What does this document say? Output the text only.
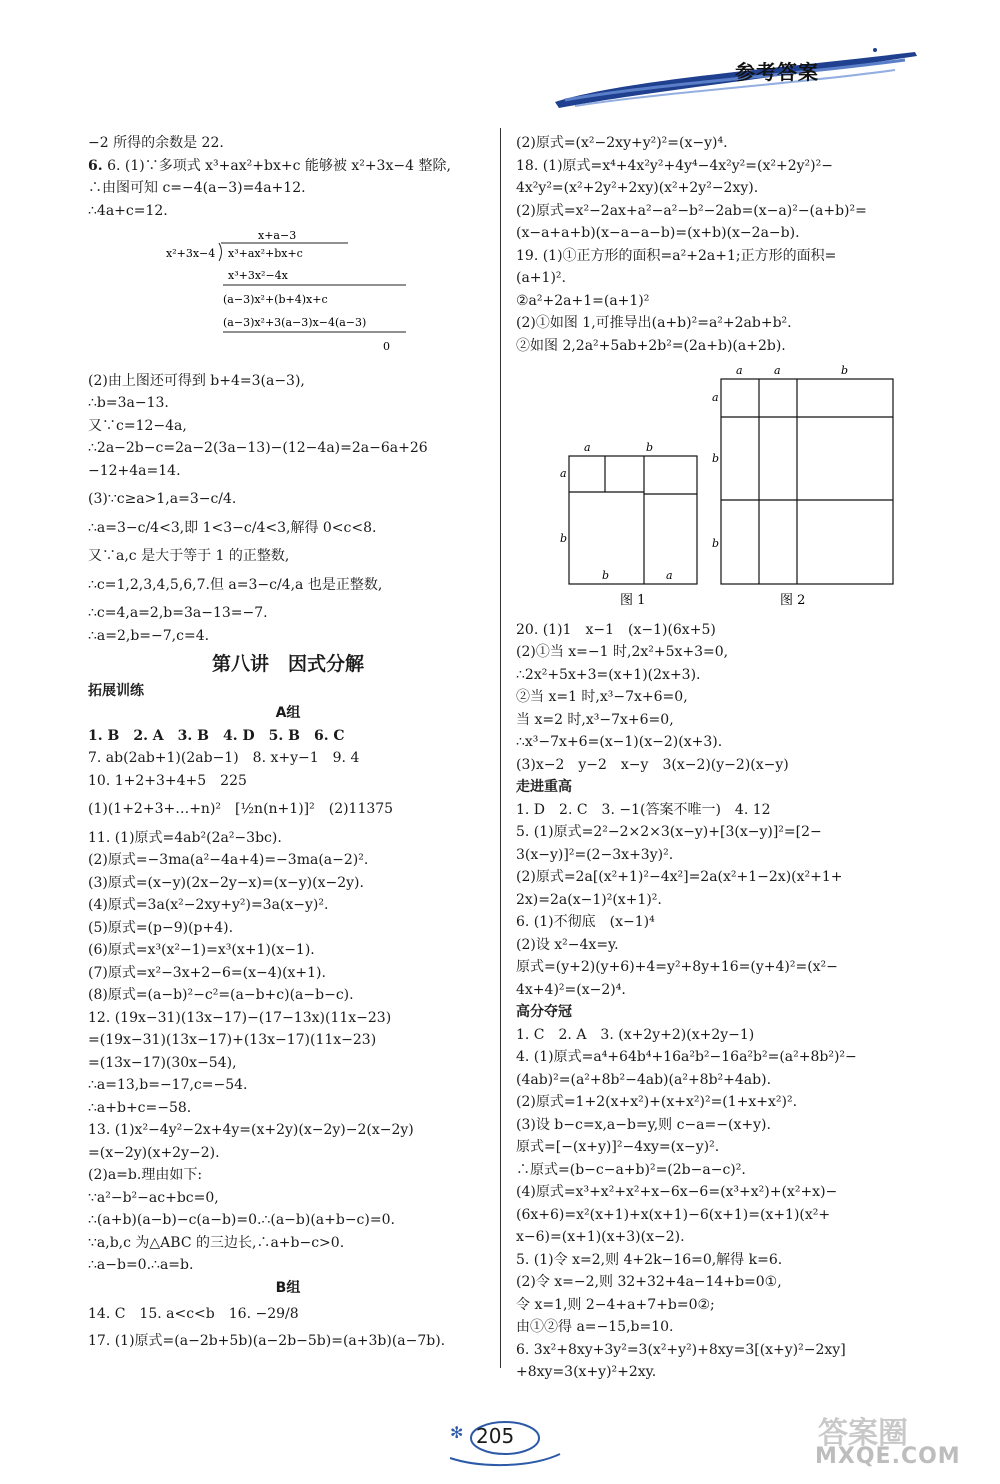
参考答案

−2 所得的余数是 22.

6. 6. (1)∵多项式 x³+ax²+bx+c 能够被 x²+3x−4 整除,

∴由图可知 c=−4(a−3)=4a+12.

∴4a+c=12.

x+a−3
x²+3x−4 x³+ax²+bx+c
x³+3x²−4x
(a−3)x²+(b+4)x+c
(a−3)x²+3(a−3)x−4(a−3)
0

(2)由上图还可得到 b+4=3(a−3),

∴b=3a−13.

又∵c=12−4a,

∴2a−2b−c=2a−2(3a−13)−(12−4a)=2a−6a+26

−12+4a=14.

(3)∵c≥a>1,a=3−c/4.

∴a=3−c/4<3,即 1<3−c/4<3,解得 0<c<8.

又∵a,c 是大于等于 1 的正整数,

∴c=1,2,3,4,5,6,7.但 a=3−c/4,a 也是正整数,

∴c=4,a=2,b=3a−13=−7.

∴a=2,b=−7,c=4.

第八讲　因式分解
拓展训练
A组

1. B　2. A　3. B　4. D　5. B　6. C

7. ab(2ab+1)(2ab−1)　8. x+y−1　9. 4

10. 1+2+3+4+5　225

(1)(1+2+3+…+n)²　[½n(n+1)]²　(2)11375

11. (1)原式=4ab²(2a²−3bc).

(2)原式=−3ma(a²−4a+4)=−3ma(a−2)².

(3)原式=(x−y)(2x−2y−x)=(x−y)(x−2y).

(4)原式=3a(x²−2xy+y²)=3a(x−y)².

(5)原式=(p−9)(p+4).

(6)原式=x³(x²−1)=x³(x+1)(x−1).

(7)原式=x²−3x+2−6=(x−4)(x+1).

(8)原式=(a−b)²−c²=(a−b+c)(a−b−c).

12. (19x−31)(13x−17)−(17−13x)(11x−23)

=(19x−31)(13x−17)+(13x−17)(11x−23)

=(13x−17)(30x−54),

∴a=13,b=−17,c=−54.

∴a+b+c=−58.

13. (1)x²−4y²−2x+4y=(x+2y)(x−2y)−2(x−2y)

=(x−2y)(x+2y−2).

(2)a=b.理由如下:

∵a²−b²−ac+bc=0,

∴(a+b)(a−b)−c(a−b)=0.∴(a−b)(a+b−c)=0.

∵a,b,c 为△ABC 的三边长,∴a+b−c>0.

∴a−b=0.∴a=b.

B组

14. C　15. a<c<b　16. −29/8

17. (1)原式=(a−2b+5b)(a−2b−5b)=(a+3b)(a−7b).

(2)原式=(x²−2xy+y²)²=(x−y)⁴.

18. (1)原式=x⁴+4x²y²+4y⁴−4x²y²=(x²+2y²)²−

4x²y²=(x²+2y²+2xy)(x²+2y²−2xy).

(2)原式=x²−2ax+a²−a²−b²−2ab=(x−a)²−(a+b)²=

(x−a+a+b)(x−a−a−b)=(x+b)(x−2a−b).

19. (1)①正方形的面积=a²+2a+1;正方形的面积=

(a+1)².

②a²+2a+1=(a+1)²

(2)①如图 1,可推导出(a+b)²=a²+2ab+b².

②如图 2,2a²+5ab+2b²=(2a+b)(a+2b).

a	b
a
b
b	a
图 1
a	a	b
a
b
b
图 2

20. (1)1　x−1　(x−1)(6x+5)

(2)①当 x=−1 时,2x²+5x+3=0,

∴2x²+5x+3=(x+1)(2x+3).

②当 x=1 时,x³−7x+6=0,

当 x=2 时,x³−7x+6=0,

∴x³−7x+6=(x−1)(x−2)(x+3).

(3)x−2　y−2　x−y　3(x−2)(y−2)(x−y)

走进重高

1. D　2. C　3. −1(答案不唯一)　4. 12

5. (1)原式=2²−2×2×3(x−y)+[3(x−y)]²=[2−

3(x−y)]²=(2−3x+3y)².

(2)原式=2a[(x²+1)²−4x²]=2a(x²+1−2x)(x²+1+

2x)=2a(x−1)²(x+1)².

6. (1)不彻底　(x−1)⁴

(2)设 x²−4x=y.

原式=(y+2)(y+6)+4=y²+8y+16=(y+4)²=(x²−

4x+4)²=(x−2)⁴.

高分夺冠

1. C　2. A　3. (x+2y+2)(x+2y−1)

4. (1)原式=a⁴+64b⁴+16a²b²−16a²b²=(a²+8b²)²−

(4ab)²=(a²+8b²−4ab)(a²+8b²+4ab).

(2)原式=1+2(x+x²)+(x+x²)²=(1+x+x²)².

(3)设 b−c=x,a−b=y,则 c−a=−(x+y).

原式=[−(x+y)]²−4xy=(x−y)².

∴原式=(b−c−a+b)²=(2b−a−c)².

(4)原式=x³+x²+x²+x−6x−6=(x³+x²)+(x²+x)−

(6x+6)=x²(x+1)+x(x+1)−6(x+1)=(x+1)(x²+

x−6)=(x+1)(x+3)(x−2).

5. (1)令 x=2,则 4+2k−16=0,解得 k=6.

(2)令 x=−2,则 32+32+4a−14+b=0①,

令 x=1,则 2−4+a+7+b=0②;

由①②得 a=−15,b=10.

6. 3x²+8xy+3y²=3(x²+y²)+8xy=3[(x+y)²−2xy]

+8xy=3(x+y)²+2xy.

✻ 205	答案圈
MXQE.COM
